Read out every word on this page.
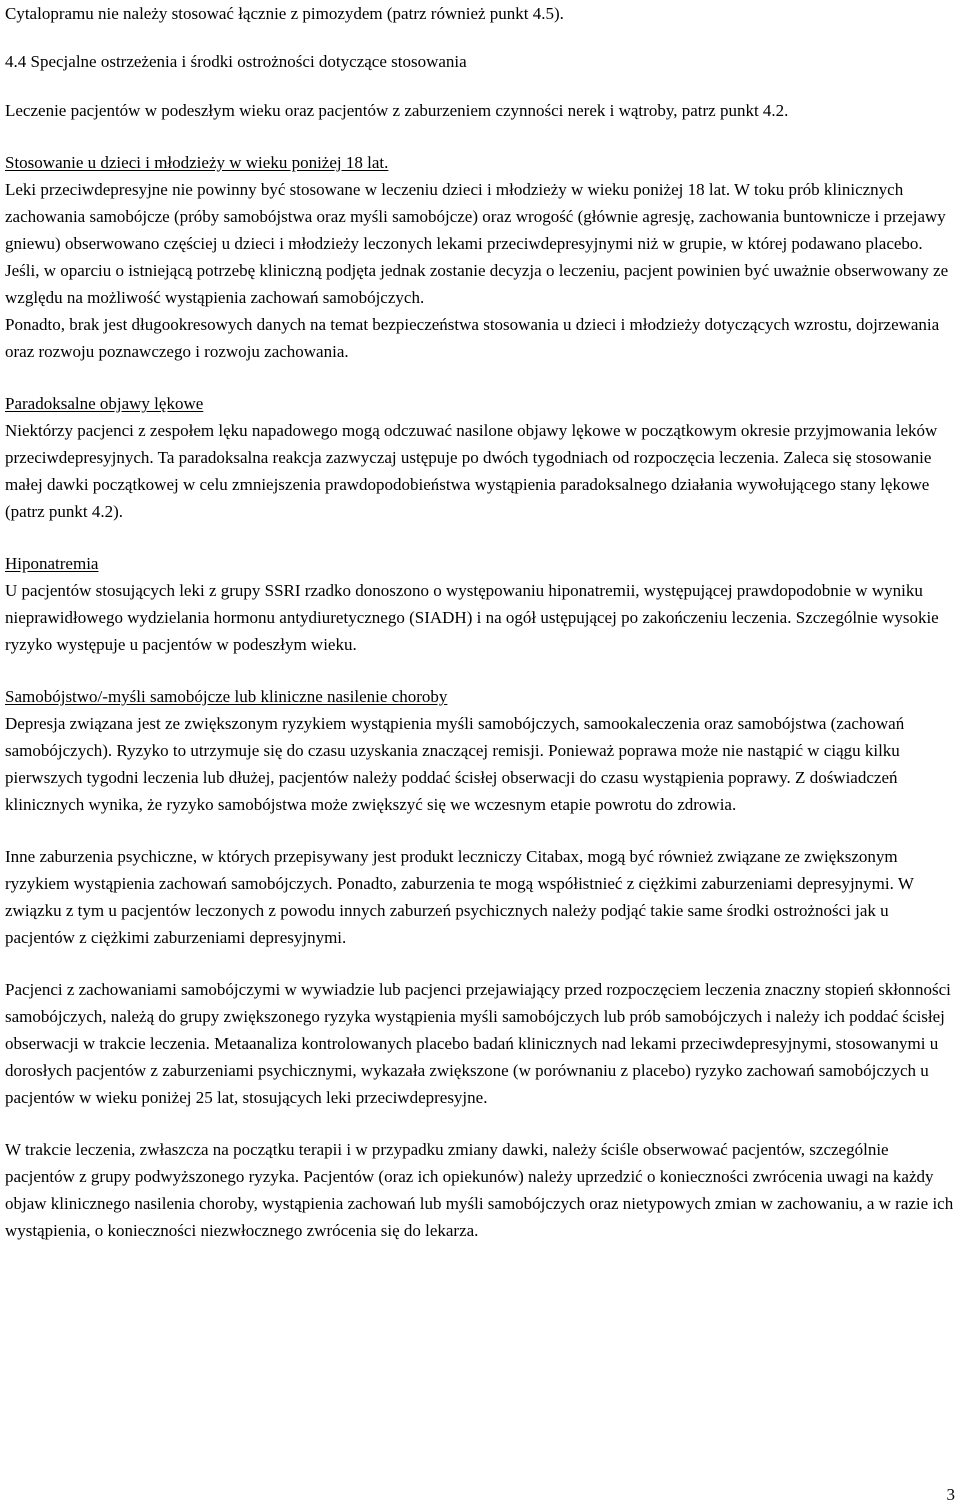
Cytalopramu nie należy stosować łącznie z pimozydem (patrz również punkt 4.5).

4.4 Specjalne ostrzeżenia i środki ostrożności dotyczące stosowania

Leczenie pacjentów w podeszłym wieku oraz pacjentów z zaburzeniem czynności nerek i wątroby, patrz punkt 4.2.

Stosowanie u dzieci i młodzieży w wieku poniżej 18 lat.

Leki przeciwdepresyjne nie powinny być stosowane w leczeniu dzieci i młodzieży w wieku poniżej 18 lat. W toku prób klinicznych zachowania samobójcze (próby samobójstwa oraz myśli samobójcze) oraz wrogość (głównie agresję, zachowania buntownicze i przejawy gniewu) obserwowano częściej u dzieci i młodzieży leczonych lekami przeciwdepresyjnymi niż w grupie, w której podawano placebo. Jeśli, w oparciu o istniejącą potrzebę kliniczną podjęta jednak zostanie decyzja o leczeniu, pacjent powinien być uważnie obserwowany ze względu na możliwość wystąpienia zachowań samobójczych.

Ponadto, brak jest długookresowych danych na temat bezpieczeństwa stosowania u dzieci i młodzieży dotyczących wzrostu, dojrzewania oraz rozwoju poznawczego i rozwoju zachowania.

Paradoksalne objawy lękowe

Niektórzy pacjenci z zespołem lęku napadowego mogą odczuwać nasilone objawy lękowe w początkowym okresie przyjmowania leków przeciwdepresyjnych. Ta paradoksalna reakcja zazwyczaj ustępuje po dwóch tygodniach od rozpoczęcia leczenia. Zaleca się stosowanie małej dawki początkowej w celu zmniejszenia prawdopodobieństwa wystąpienia paradoksalnego działania wywołującego stany lękowe (patrz punkt 4.2).

Hiponatremia

U pacjentów stosujących leki z grupy SSRI rzadko donoszono o występowaniu hiponatremii, występującej prawdopodobnie w wyniku nieprawidłowego wydzielania hormonu antydiuretycznego (SIADH) i na ogół ustępującej po zakończeniu leczenia. Szczególnie wysokie ryzyko występuje u pacjentów w podeszłym wieku.

Samobójstwo/-myśli samobójcze lub kliniczne nasilenie choroby

Depresja związana jest ze zwiększonym ryzykiem wystąpienia myśli samobójczych, samookaleczenia oraz samobójstwa (zachowań samobójczych). Ryzyko to utrzymuje się do czasu uzyskania znaczącej remisji. Ponieważ poprawa może nie nastąpić w ciągu kilku pierwszych tygodni leczenia lub dłużej, pacjentów należy poddać ścisłej obserwacji do czasu wystąpienia poprawy. Z doświadczeń klinicznych wynika, że ryzyko samobójstwa może zwiększyć się we wczesnym etapie powrotu do zdrowia.

Inne zaburzenia psychiczne, w których przepisywany jest produkt leczniczy Citabax, mogą być również związane ze zwiększonym ryzykiem wystąpienia zachowań samobójczych. Ponadto, zaburzenia te mogą współistnieć z ciężkimi zaburzeniami depresyjnymi. W związku z tym u pacjentów leczonych z powodu innych zaburzeń psychicznych należy podjąć takie same środki ostrożności jak u pacjentów z ciężkimi zaburzeniami depresyjnymi.

Pacjenci z zachowaniami samobójczymi w wywiadzie lub pacjenci przejawiający przed rozpoczęciem leczenia znaczny stopień skłonności samobójczych, należą do grupy zwiększonego ryzyka wystąpienia myśli samobójczych lub prób samobójczych i należy ich poddać ścisłej obserwacji w trakcie leczenia. Metaanaliza kontrolowanych placebo badań klinicznych nad lekami przeciwdepresyjnymi, stosowanymi u dorosłych pacjentów z zaburzeniami psychicznymi, wykazała zwiększone (w porównaniu z placebo) ryzyko zachowań samobójczych u pacjentów w wieku poniżej 25 lat, stosujących leki przeciwdepresyjne.

W trakcie leczenia, zwłaszcza na początku terapii i w przypadku zmiany dawki, należy ściśle obserwować pacjentów, szczególnie pacjentów z grupy podwyższonego ryzyka. Pacjentów (oraz ich opiekunów) należy uprzedzić o konieczności zwrócenia uwagi na każdy objaw klinicznego nasilenia choroby, wystąpienia zachowań lub myśli samobójczych oraz nietypowych zmian w zachowaniu, a w razie ich wystąpienia, o konieczności niezwłocznego zwrócenia się do lekarza.

3
